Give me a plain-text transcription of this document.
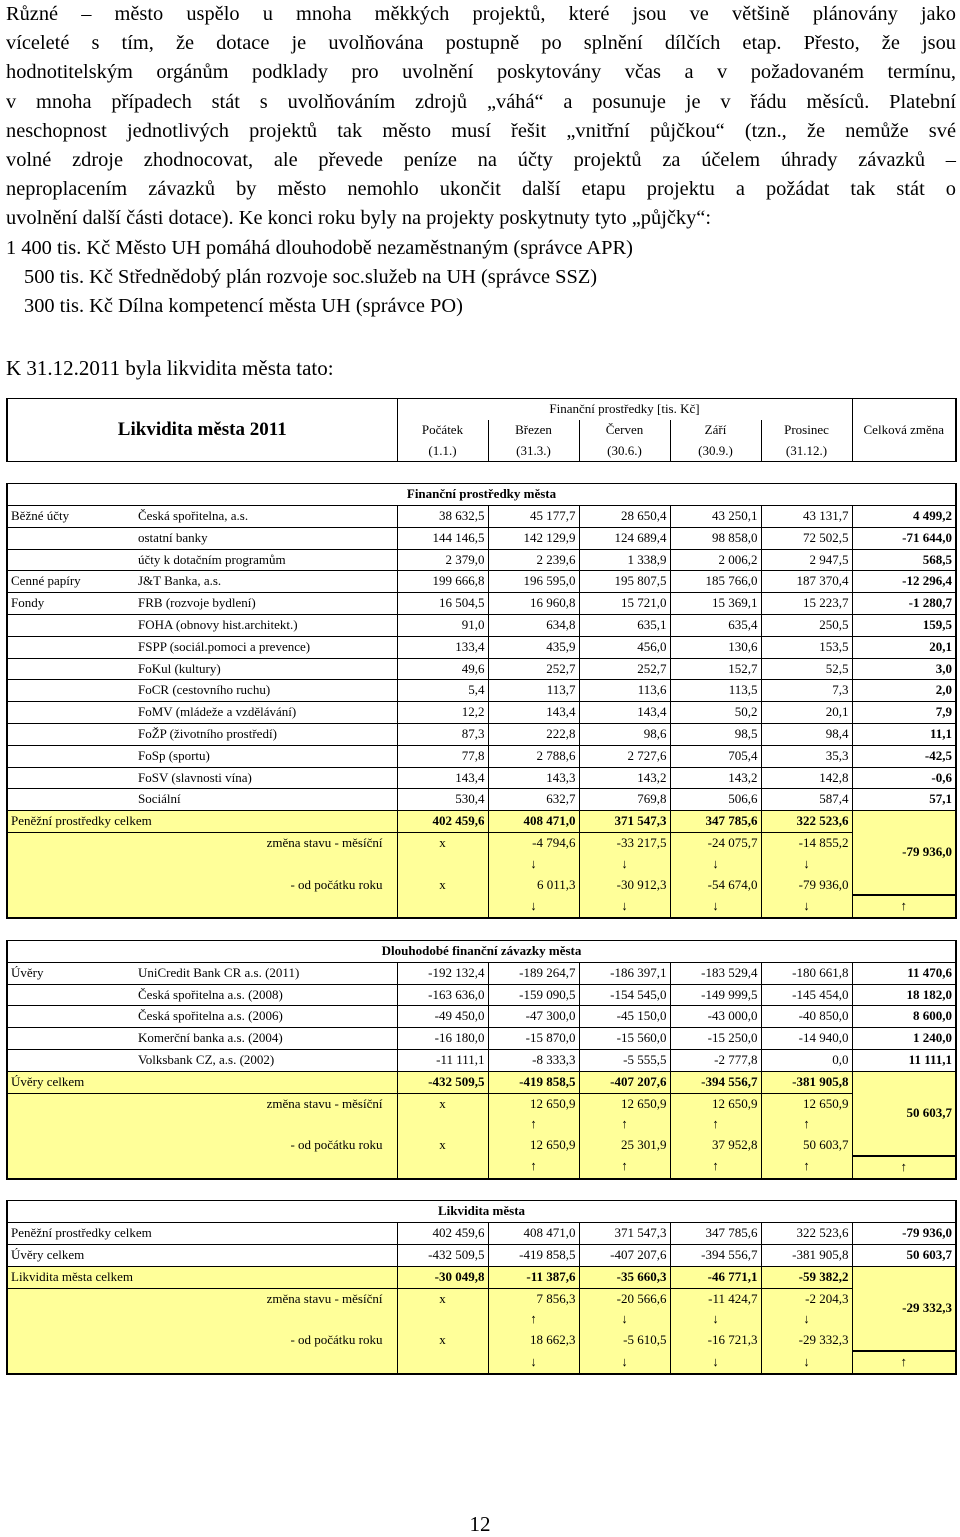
Různé – město uspělo u mnoha měkkých projektů, které jsou ve většině plánovány jako
víceleté s tím, že dotace je uvolňována postupně po splnění dílčích etap. Přesto, že jsou
hodnotitelským orgánům podklady pro uvolnění poskytovány včas a v požadovaném termínu,
v mnoha případech stát s uvolňováním zdrojů „váhá“ a posunuje je v řádu měsíců. Platební
neschopnost jednotlivých projektů tak město musí řešit „vnitřní půjčkou“ (tzn., že nemůže své
volné zdroje zhodnocovat, ale převede peníze na účty projektů za účelem úhrady závazků –
neproplacením závazků by město nemohlo ukončit další etapu projektu a požádat tak stát o
uvolnění další části dotace). Ke konci roku byly na projekty poskytnuty tyto „půjčky“:
1 400 tis. Kč Město UH pomáhá dlouhodobě nezaměstnaným (správce APR)
500 tis. Kč Střednědobý plán rozvoje soc.služeb na UH (správce SSZ)
300 tis. Kč Dílna kompetencí města UH (správce PO)
K 31.12.2011 byla likvidita města tato:
Likvidita města 2011		Finanční prostředky [tis. Kč]					Celková změna
		Počátek	Březen	Červen	Září	Prosinec	
		(1.1.)	(31.3.)	(30.6.)	(30.9.)	(31.12.)	

Finanční prostředky města							
Běžné účty	Česká spořitelna, a.s.	38 632,5	45 177,7	28 650,4	43 250,1	43 131,7	4 499,2
	ostatní banky	144 146,5	142 129,9	124 689,4	98 858,0	72 502,5	-71 644,0
	účty k dotačním programům	2 379,0	2 239,6	1 338,9	2 006,2	2 947,5	568,5
Cenné papíry	J&T Banka, a.s.	199 666,8	196 595,0	195 807,5	185 766,0	187 370,4	-12 296,4
Fondy	FRB (rozvoje bydlení)	16 504,5	16 960,8	15 721,0	15 369,1	15 223,7	-1 280,7
	FOHA (obnovy hist.architekt.)	91,0	634,8	635,1	635,4	250,5	159,5
	FSPP (sociál.pomoci a prevence)	133,4	435,9	456,0	130,6	153,5	20,1
	FoKul (kultury)	49,6	252,7	252,7	152,7	52,5	3,0
	FoCR (cestovního ruchu)	5,4	113,7	113,6	113,5	7,3	2,0
	FoMV (mládeže a vzdělávání)	12,2	143,4	143,4	50,2	20,1	7,9
	FoŽP (životního prostředí)	87,3	222,8	98,6	98,5	98,4	11,1
	FoSp (sportu)	77,8	2 788,6	2 727,6	705,4	35,3	-42,5
	FoSV (slavnosti vína)	143,4	143,3	143,2	143,2	142,8	-0,6
	Sociální	530,4	632,7	769,8	506,6	587,4	57,1
Peněžní prostředky celkem		402 459,6	408 471,0	371 547,3	347 785,6	322 523,6	-79 936,0
změna stavu - měsíční		x	-4 794,6	-33 217,5	-24 075,7	-14 855,2	
			↓	↓	↓	↓	
- od počátku roku		x	6 011,3	-30 912,3	-54 674,0	-79 936,0	
			↓	↓	↓	↓	↑

Dlouhodobé finanční závazky města							
Úvěry	UniCredit Bank CR a.s. (2011)	-192 132,4	-189 264,7	-186 397,1	-183 529,4	-180 661,8	11 470,6
	Česká spořitelna a.s. (2008)	-163 636,0	-159 090,5	-154 545,0	-149 999,5	-145 454,0	18 182,0
	Česká spořitelna a.s. (2006)	-49 450,0	-47 300,0	-45 150,0	-43 000,0	-40 850,0	8 600,0
	Komerční banka a.s. (2004)	-16 180,0	-15 870,0	-15 560,0	-15 250,0	-14 940,0	1 240,0
	Volksbank CZ, a.s. (2002)	-11 111,1	-8 333,3	-5 555,5	-2 777,8	0,0	11 111,1
Úvěry celkem		-432 509,5	-419 858,5	-407 207,6	-394 556,7	-381 905,8	50 603,7
změna stavu - měsíční		x	12 650,9	12 650,9	12 650,9	12 650,9	
			↑	↑	↑	↑	
- od počátku roku		x	12 650,9	25 301,9	37 952,8	50 603,7	
			↑	↑	↑	↑	↑

Likvidita města							
Peněžní prostředky celkem		402 459,6	408 471,0	371 547,3	347 785,6	322 523,6	-79 936,0
Úvěry celkem		-432 509,5	-419 858,5	-407 207,6	-394 556,7	-381 905,8	50 603,7
Likvidita města celkem		-30 049,8	-11 387,6	-35 660,3	-46 771,1	-59 382,2	-29 332,3
změna stavu - měsíční		x	7 856,3	-20 566,6	-11 424,7	-2 204,3	
			↑	↓	↓	↓	
- od počátku roku		x	18 662,3	-5 610,5	-16 721,3	-29 332,3	
			↓	↓	↓	↓	↑
12
